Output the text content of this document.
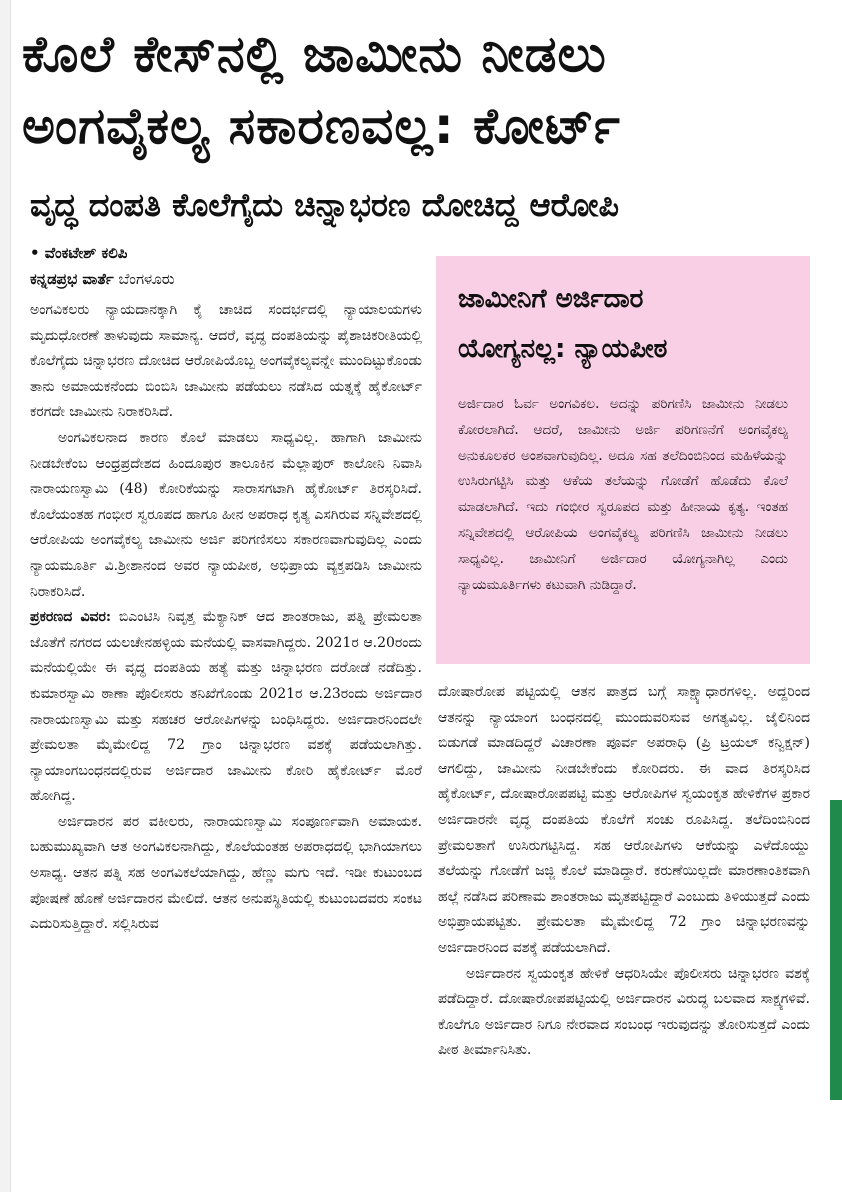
ಕೊಲೆ ಕೇಸ್‌ನಲ್ಲಿ ಜಾಮೀನು ನೀಡಲು
ಅಂಗವೈಕಲ್ಯ ಸಕಾರಣವಲ್ಲ: ಕೋರ್ಟ್
ವೃದ್ಧ ದಂಪತಿ ಕೊಲೆಗೈದು ಚಿನ್ನಾಭರಣ ದೋಚಿದ್ದ ಆರೋಪಿ
• ವೆಂಕಟೇಶ್ ಕಲಿಪಿ
ಕನ್ನಡಪ್ರಭ ವಾರ್ತೆ ಬೆಂಗಳೂರು

ಅಂಗವಿಕಲರು ನ್ಯಾಯದಾನಕ್ಕಾಗಿ ಕೈ ಚಾಚಿದ ಸಂದರ್ಭದಲ್ಲಿ ನ್ಯಾಯಾಲಯಗಳು ಮೃದುಧೋರಣೆ ತಾಳುವುದು ಸಾಮಾನ್ಯ. ಆದರೆ, ವೃದ್ಧ ದಂಪತಿಯನ್ನು ಪೈಶಾಚಿಕರೀತಿಯಲ್ಲಿ ಕೊಲೆಗೈದು ಚಿನ್ನಾಭರಣ ದೋಚಿದ ಆರೋಪಿಯೊಬ್ಬ ಅಂಗವೈಕಲ್ಯವನ್ನೇ ಮುಂದಿಟ್ಟುಕೊಂಡು ತಾನು ಅಮಾಯಕನೆಂದು ಬಿಂಬಿಸಿ ಜಾಮೀನು ಪಡೆಯಲು ನಡೆಸಿದ ಯತ್ನಕ್ಕೆ ಹೈಕೋರ್ಟ್ ಕರಗದೇ ಜಾಮೀನು ನಿರಾಕರಿಸಿದೆ.

ಅಂಗವಿಕಲನಾದ ಕಾರಣ ಕೊಲೆ ಮಾಡಲು ಸಾಧ್ಯವಿಲ್ಲ. ಹಾಗಾಗಿ ಜಾಮೀನು ನೀಡಬೇಕೆಂಬ ಆಂಧ್ರಪ್ರದೇಶದ ಹಿಂದೂಪುರ ತಾಲೂಕಿನ ಮೆಲ್ಲಾಪುರ್ ಕಾಲೋನಿ ನಿವಾಸಿ ನಾರಾಯಣಸ್ವಾಮಿ (48) ಕೋರಿಕೆಯನ್ನು ಸಾರಾಸಗಟಾಗಿ ಹೈಕೋರ್ಟ್ ತಿರಸ್ಕರಿಸಿದೆ. ಕೊಲೆಯಂತಹ ಗಂಭೀರ ಸ್ವರೂಪದ ಹಾಗೂ ಹೀನ ಅಪರಾಧ ಕೃತ್ಯ ಎಸಗಿರುವ ಸನ್ನಿವೇಶದಲ್ಲಿ ಆರೋಪಿಯ ಅಂಗವೈಕಲ್ಯ ಜಾಮೀನು ಅರ್ಜಿ ಪರಿಗಣಿಸಲು ಸಕಾರಣವಾಗುವುದಿಲ್ಲ ಎಂದು ನ್ಯಾಯಮೂರ್ತಿ ವಿ.ಶ್ರೀಶಾನಂದ ಅವರ ನ್ಯಾಯಪೀಠ, ಅಭಿಪ್ರಾಯ ವ್ಯಕ್ತಪಡಿಸಿ ಜಾಮೀನು ನಿರಾಕರಿಸಿದೆ.

ಪ್ರಕರಣದ ವಿವರ: ಬಿಎಂಟಿಸಿ ನಿವೃತ್ತ ಮೆಕ್ಯಾನಿಕ್ ಆದ ಶಾಂತರಾಜು, ಪತ್ನಿ ಪ್ರೇಮಲತಾ ಜೊತೆಗೆ ನಗರದ ಯಲಚೇನಹಳ್ಳಿಯ ಮನೆಯಲ್ಲಿ ವಾಸವಾಗಿದ್ದರು. 2021ರ ಆ.20ರಂದು ಮನೆಯಲ್ಲಿಯೇ ಈ ವೃದ್ಧ ದಂಪತಿಯ ಹತ್ಯೆ ಮತ್ತು ಚಿನ್ನಾಭರಣ ದರೋಡೆ ನಡೆದಿತ್ತು. ಕುಮಾರಸ್ವಾಮಿ ಠಾಣಾ ಪೊಲೀಸರು ತನಿಖೆಗೊಂಡು 2021ರ ಆ.23ರಂದು ಅರ್ಜಿದಾರ ನಾರಾಯಣಸ್ವಾಮಿ ಮತ್ತು ಸಹಚರ ಆರೋಪಿಗಳನ್ನು ಬಂಧಿಸಿದ್ದರು. ಅರ್ಜಿದಾರನಿಂದಲೇ ಪ್ರೇಮಲತಾ ಮೈಮೇಲಿದ್ದ 72 ಗ್ರಾಂ ಚಿನ್ನಾಭರಣ ವಶಕ್ಕೆ ಪಡೆಯಲಾಗಿತ್ತು. ನ್ಯಾಯಾಂಗಬಂಧನದಲ್ಲಿರುವ ಅರ್ಜಿದಾರ ಜಾಮೀನು ಕೋರಿ ಹೈಕೋರ್ಟ್ ಮೊರೆ ಹೋಗಿದ್ದ.

ಅರ್ಜಿದಾರನ ಪರ ವಕೀಲರು, ನಾರಾಯಣಸ್ವಾಮಿ ಸಂಪೂರ್ಣವಾಗಿ ಅಮಾಯಕ. ಬಹುಮುಖ್ಯವಾಗಿ ಆತ ಅಂಗವಿಕಲನಾಗಿದ್ದು, ಕೊಲೆಯಂತಹ ಅಪರಾಧದಲ್ಲಿ ಭಾಗಿಯಾಗಲು ಅಸಾಧ್ಯ. ಆತನ ಪತ್ನಿ ಸಹ ಅಂಗವಿಕಲೆಯಾಗಿದ್ದು, ಹೆಣ್ಣು ಮಗು ಇದೆ. ಇಡೀ ಕುಟುಂಬದ ಪೋಷಣೆ ಹೊಣೆ ಅರ್ಜಿದಾರನ ಮೇಲಿದೆ. ಆತನ ಅನುಪಸ್ಥಿತಿಯಲ್ಲಿ ಕುಟುಂಬದವರು ಸಂಕಟ ಎದುರಿಸುತ್ತಿದ್ದಾರೆ. ಸಲ್ಲಿಸಿರುವ

ಜಾಮೀನಿಗೆ ಅರ್ಜಿದಾರ
ಯೋಗ್ಯನಲ್ಲ: ನ್ಯಾಯಪೀಠ
ಅರ್ಜಿದಾರ ಓರ್ವ ಅಂಗವಿಕಲ. ಅದನ್ನು ಪರಿಗಣಿಸಿ ಜಾಮೀನು ನೀಡಲು ಕೋರಲಾಗಿದೆ. ಆದರೆ, ಜಾಮೀನು ಅರ್ಜಿ ಪರಿಗಣನೆಗೆ ಅಂಗವೈಕಲ್ಯ ಅನುಕೂಲಕರ ಅಂಶವಾಗುವುದಿಲ್ಲ. ಅದೂ ಸಹ ತಲೆದಿಂಬಿನಿಂದ ಮಹಿಳೆಯನ್ನು ಉಸಿರುಗಟ್ಟಿಸಿ ಮತ್ತು ಆಕೆಯ ತಲೆಯನ್ನು ಗೋಡೆಗೆ ಹೊಡೆದು ಕೊಲೆ ಮಾಡಲಾಗಿದೆ. ಇದು ಗಂಭೀರ ಸ್ವರೂಪದ ಮತ್ತು ಹೀನಾಯ ಕೃತ್ಯ. ಇಂತಹ ಸನ್ನಿವೇಶದಲ್ಲಿ ಆರೋಪಿಯ ಅಂಗವೈಕಲ್ಯ ಪರಿಗಣಿಸಿ ಜಾಮೀನು ನೀಡಲು ಸಾಧ್ಯವಿಲ್ಲ. ಜಾಮೀನಿಗೆ ಅರ್ಜಿದಾರ ಯೋಗ್ಯನಾಗಿಲ್ಲ ಎಂದು ನ್ಯಾಯಮೂರ್ತಿಗಳು ಕಟುವಾಗಿ ನುಡಿದ್ದಾರೆ.

ದೋಷಾರೋಪ ಪಟ್ಟಿಯಲ್ಲಿ ಆತನ ಪಾತ್ರದ ಬಗ್ಗೆ ಸಾಕ್ಷ್ಯಾಧಾರಗಳಿಲ್ಲ. ಅದ್ದರಿಂದ ಆತನನ್ನು ನ್ಯಾಯಾಂಗ ಬಂಧನದಲ್ಲಿ ಮುಂದುವರಿಸುವ ಅಗತ್ಯವಿಲ್ಲ. ಜೈಲಿನಿಂದ ಬಿಡುಗಡೆ ಮಾಡದಿದ್ದರೆ ವಿಚಾರಣಾ ಪೂರ್ವ ಅಪರಾಧಿ (ಪ್ರಿ ಟ್ರಯಲ್ ಕನ್ವಿಕ್ಷನ್) ಆಗಲಿದ್ದು, ಜಾಮೀನು ನೀಡಬೇಕೆಂದು ಕೋರಿದರು. ಈ ವಾದ ತಿರಸ್ಕರಿಸಿದ ಹೈಕೋರ್ಟ್, ದೋಷಾರೋಪಪಟ್ಟಿ ಮತ್ತು ಆರೋಪಿಗಳ ಸ್ವಯಂಕೃತ ಹೇಳಿಕೆಗಳ ಪ್ರಕಾರ ಅರ್ಜಿದಾರನೇ ವೃದ್ಧ ದಂಪತಿಯ ಕೊಲೆಗೆ ಸಂಚು ರೂಪಿಸಿದ್ದ. ತಲೆದಿಂಬಿನಿಂದ ಪ್ರೇಮಲತಾಗೆ ಉಸಿರುಗಟ್ಟಿಸಿದ್ದ. ಸಹ ಆರೋಪಿಗಳು ಆಕೆಯನ್ನು ಎಳೆದೊಯ್ದು ತಲೆಯನ್ನು ಗೋಡೆಗೆ ಜಜ್ಜಿ ಕೊಲೆ ಮಾಡಿದ್ದಾರೆ. ಕರುಣೆಯಿಲ್ಲದೇ ಮಾರಣಾಂತಿಕವಾಗಿ ಹಲ್ಲೆ ನಡೆಸಿದ ಪರಿಣಾಮ ಶಾಂತರಾಜು ಮೃತಪಟ್ಟಿದ್ದಾರೆ ಎಂಬುದು ತಿಳಿಯುತ್ತದೆ ಎಂದು ಅಭಿಪ್ರಾಯಪಟ್ಟಿತು. ಪ್ರೇಮಲತಾ ಮೈಮೇಲಿದ್ದ 72 ಗ್ರಾಂ ಚಿನ್ನಾಭರಣವನ್ನು ಅರ್ಜಿದಾರನಿಂದ ವಶಕ್ಕೆ ಪಡೆಯಲಾಗಿದೆ.

ಅರ್ಜಿದಾರನ ಸ್ವಯಂಕೃತ ಹೇಳಿಕೆ ಆಧರಿಸಿಯೇ ಪೊಲೀಸರು ಚಿನ್ನಾಭರಣ ವಶಕ್ಕೆ ಪಡೆದಿದ್ದಾರೆ. ದೋಷಾರೋಪಪಟ್ಟಿಯಲ್ಲಿ ಅರ್ಜಿದಾರನ ವಿರುದ್ಧ ಬಲವಾದ ಸಾಕ್ಷ್ಯಗಳಿವೆ. ಕೊಲೆಗೂ ಅರ್ಜಿದಾರ ನಿಗೂ ನೇರವಾದ ಸಂಬಂಧ ಇರುವುದನ್ನು ತೋರಿಸುತ್ತದೆ ಎಂದು ಪೀಠ ತೀರ್ಮಾನಿಸಿತು.
